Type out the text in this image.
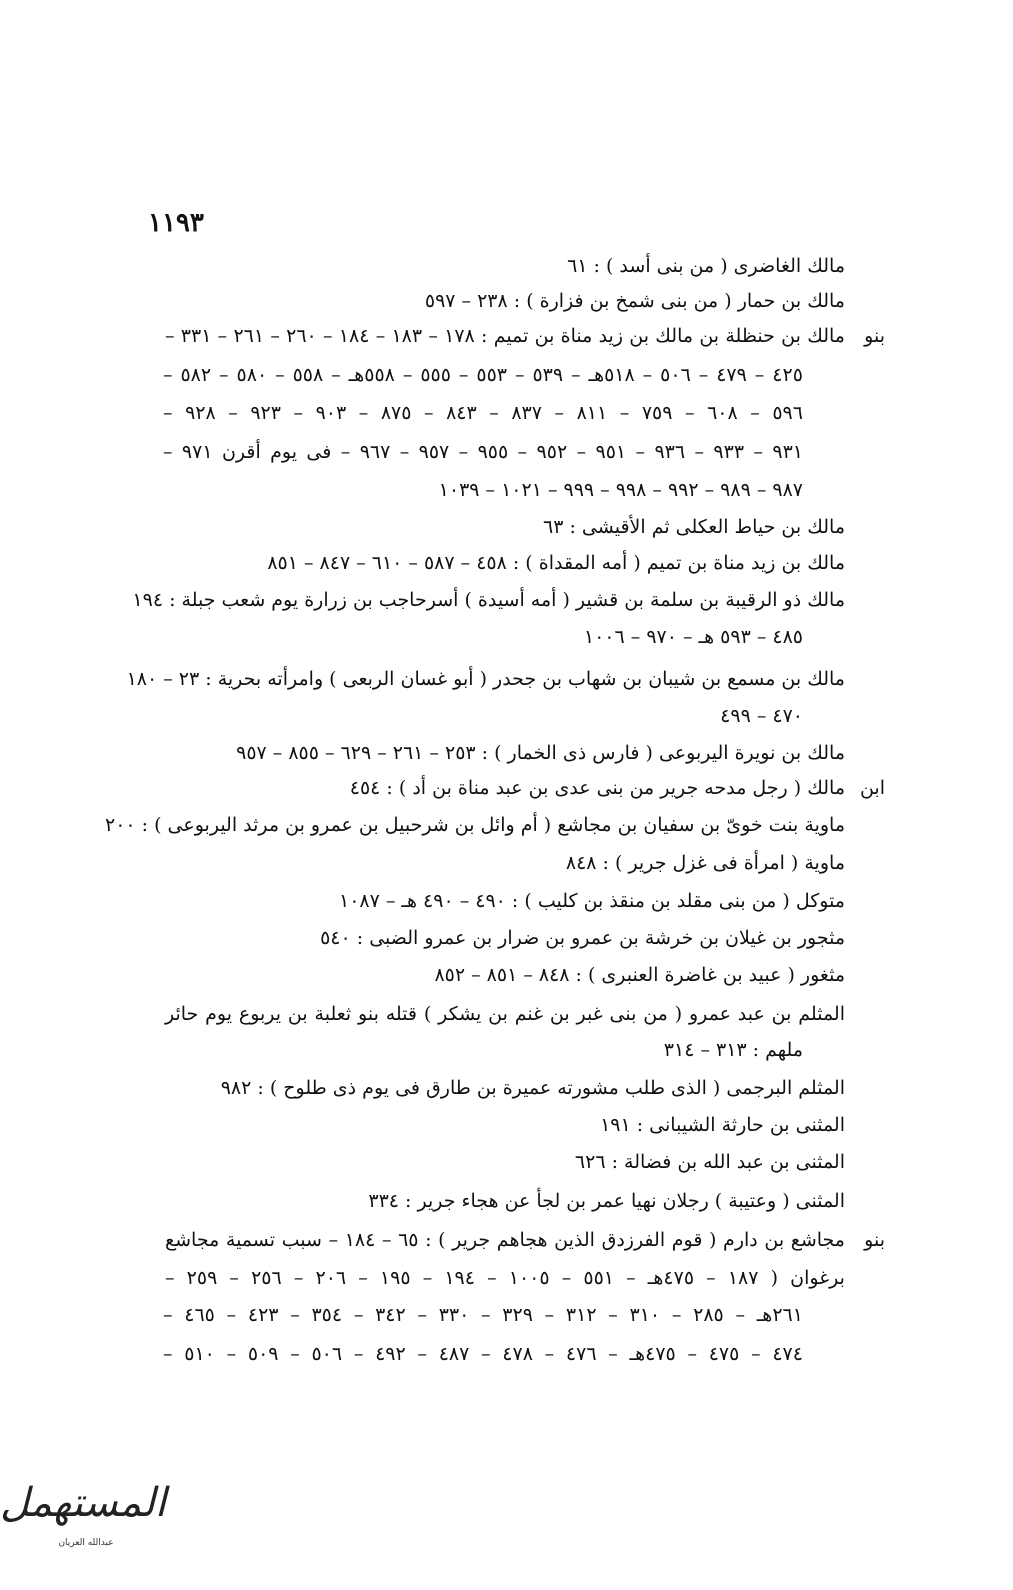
١١٩٣
بنو
ابن
بنو
مالك الغاضرى ( من بنى أسد ) : ٦١
مالك بن حمار ( من بنى شمخ بن فزارة ) : ٢٣٨ – ٥٩٧
مالك بن حنظلة بن مالك بن زيد مناة بن تميم : ١٧٨ – ١٨٣ – ١٨٤ – ٢٦٠ – ٢٦١ – ٣٣١ –
٤٢٥ – ٤٧٩ – ٥٠٦ – ٥١٨هـ – ٥٣٩ – ٥٥٣ – ٥٥٥ – ٥٥٨هـ – ٥٥٨ – ٥٨٠ – ٥٨٢ –
٥٩٦ – ٦٠٨ – ٧٥٩ – ٨١١ – ٨٣٧ – ٨٤٣ – ٨٧٥ – ٩٠٣ – ٩٢٣ – ٩٢٨ –
٩٣١ – ٩٣٣ – ٩٣٦ – ٩٥١ – ٩٥٢ – ٩٥٥ – ٩٥٧ – ٩٦٧ – فى يوم أقرن ٩٧١ –
٩٨٧ – ٩٨٩ – ٩٩٢ – ٩٩٨ – ٩٩٩ – ١٠٢١ – ١٠٣٩
مالك بن حياط العكلى ثم الأقيشى : ٦٣
مالك بن زيد مناة بن تميم ( أمه المقداة ) : ٤٥٨ – ٥٨٧ – ٦١٠ – ٨٤٧ – ٨٥١
مالك ذو الرقيبة بن سلمة بن قشير ( أمه أسيدة ) أسرحاجب بن زرارة يوم شعب جبلة : ١٩٤
٤٨٥ – ٥٩٣ هـ – ٩٧٠ – ١٠٠٦
مالك بن مسمع بن شيبان بن شهاب بن جحدر ( أبو غسان الربعى ) وامرأته بحرية : ٢٣ – ١٨٠
٤٧٠ – ٤٩٩
مالك بن نويرة اليربوعى ( فارس ذى الخمار ) : ٢٥٣ – ٢٦١ – ٦٢٩ – ٨٥٥ – ٩٥٧
مالك ( رجل مدحه جرير من بنى عدى بن عبد مناة بن أد ) : ٤٥٤
ماوية بنت خوىّ بن سفيان بن مجاشع ( أم وائل بن شرحبيل بن عمرو بن مرثد اليربوعى ) : ٢٠٠
ماوية ( امرأة فى غزل جرير ) : ٨٤٨
متوكل ( من بنى مقلد بن منقذ بن كليب ) : ٤٩٠ – ٤٩٠ هـ – ١٠٨٧
مثجور بن غيلان بن خرشة بن عمرو بن ضرار بن عمرو الضبى : ٥٤٠
مثغور ( عبيد بن غاضرة العنبرى ) : ٨٤٨ – ٨٥١ – ٨٥٢
المثلم بن عبد عمرو ( من بنى غبر بن غنم بن يشكر ) قتله بنو ثعلبة بن يربوع يوم حائر
ملهم : ٣١٣ – ٣١٤
المثلم البرجمى ( الذى طلب مشورته عميرة بن طارق فى يوم ذى طلوح ) : ٩٨٢
المثنى بن حارثة الشيبانى : ١٩١
المثنى بن عبد الله بن فضالة : ٦٢٦
المثنى ( وعتيبة ) رجلان نهيا عمر بن لجأ عن هجاء جرير : ٣٣٤
مجاشع بن دارم ( قوم الفرزدق الذين هجاهم جرير ) : ٦٥ – ١٨٤ – سبب تسمية مجاشع
برغوان ( ١٨٧ – ٤٧٥هـ – ٥٥١ – ١٠٠٥ – ١٩٤ – ١٩٥ – ٢٠٦ – ٢٥٦ – ٢٥٩ –
٢٦١هـ – ٢٨٥ – ٣١٠ – ٣١٢ – ٣٢٩ – ٣٣٠ – ٣٤٢ – ٣٥٤ – ٤٢٣ – ٤٦٥ –
٤٧٤ – ٤٧٥ – ٤٧٥هـ – ٤٧٦ – ٤٧٨ – ٤٨٧ – ٤٩٢ – ٥٠٦ – ٥٠٩ – ٥١٠ –
المستهمل
عبدالله العريان
